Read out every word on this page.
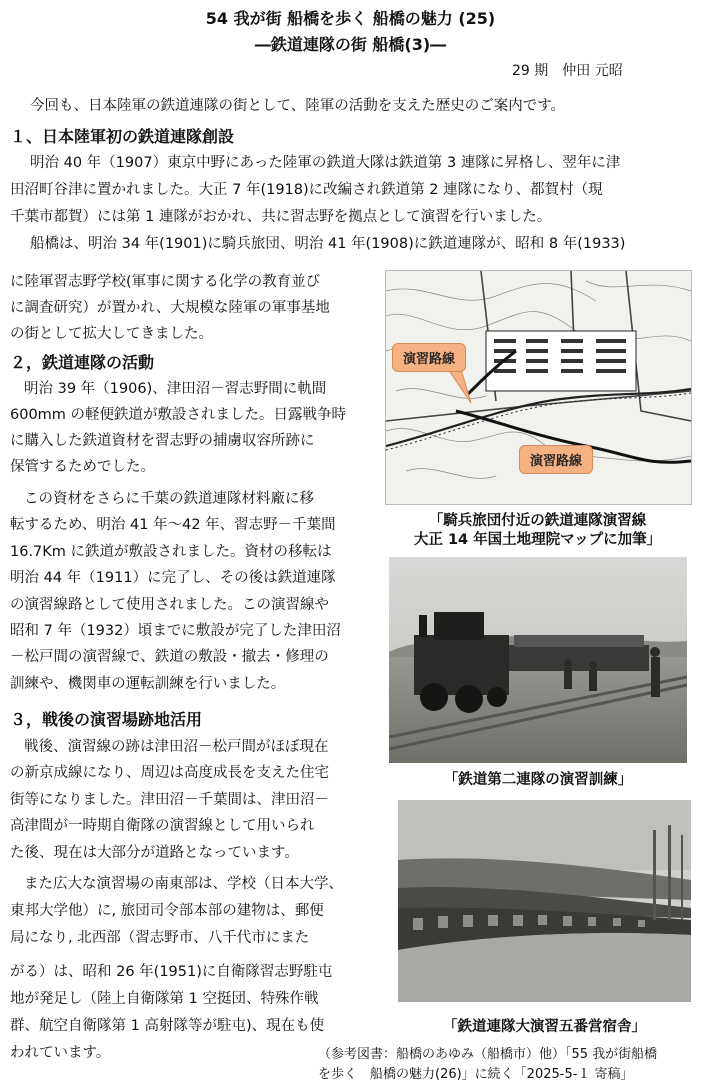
54 我が街 船橋を歩く 船橋の魅力 (25)
―鉄道連隊の街 船橋(3)―
29 期　仲田 元昭
今回も、日本陸軍の鉄道連隊の街として、陸軍の活動を支えた歴史のご案内です。
１、日本陸軍初の鉄道連隊創設
明治 40 年（1907）東京中野にあった陸軍の鉄道大隊は鉄道第 3 連隊に昇格し、翌年に津
田沼町谷津に置かれました。大正 7 年(1918)に改編され鉄道第 2 連隊になり、都賀村（現
千葉市都賀）には第 1 連隊がおかれ、共に習志野を拠点として演習を行いました。
船橋は、明治 34 年(1901)に騎兵旅団、明治 41 年(1908)に鉄道連隊が、昭和 8 年(1933)
に陸軍習志野学校(軍事に関する化学の教育並び
に調査研究）が置かれ、大規模な陸軍の軍事基地
の街として拡大してきました。
２，鉄道連隊の活動
明治 39 年（1906)、津田沼－習志野間に軌間
600mm の軽便鉄道が敷設されました。日露戦争時
に購入した鉄道資材を習志野の捕虜収容所跡に
保管するためでした。
この資材をさらに千葉の鉄道連隊材料廠に移
転するため、明治 41 年～42 年、習志野－千葉間
16.7Km に鉄道が敷設されました。資材の移転は
明治 44 年（1911）に完了し、その後は鉄道連隊
の演習線路として使用されました。この演習線や
昭和 7 年（1932）頃までに敷設が完了した津田沼
－松戸間の演習線で、鉄道の敷設・撤去・修理の
訓練や、機関車の運転訓練を行いました。
３，戦後の演習場跡地活用
戦後、演習線の跡は津田沼－松戸間がほぼ現在
の新京成線になり、周辺は高度成長を支えた住宅
街等になりました。津田沼－千葉間は、津田沼－
高津間が一時期自衛隊の演習線として用いられ
た後、現在は大部分が道路となっています。
また広大な演習場の南東部は、学校（日本大学、
東邦大学他）に, 旅団司令部本部の建物は、郵便
局になり, 北西部（習志野市、八千代市にまた
がる）は、昭和 26 年(1951)に自衛隊習志野駐屯
地が発足し（陸上自衛隊第 1 空挺団、特殊作戦
群、航空自衛隊第 1 高射隊等が駐屯)、現在も使
われています。
演習路線
演習路線
「騎兵旅団付近の鉄道連隊演習線
大正 14 年国土地理院マップに加筆」
「鉄道第二連隊の演習訓練」
「鉄道連隊大演習五番営宿舎」
（参考図書：船橋のあゆみ（船橋市）他）「55 我が街船橋
を歩く　船橋の魅力(26)」に続く「2025-5-１ 寄稿」
